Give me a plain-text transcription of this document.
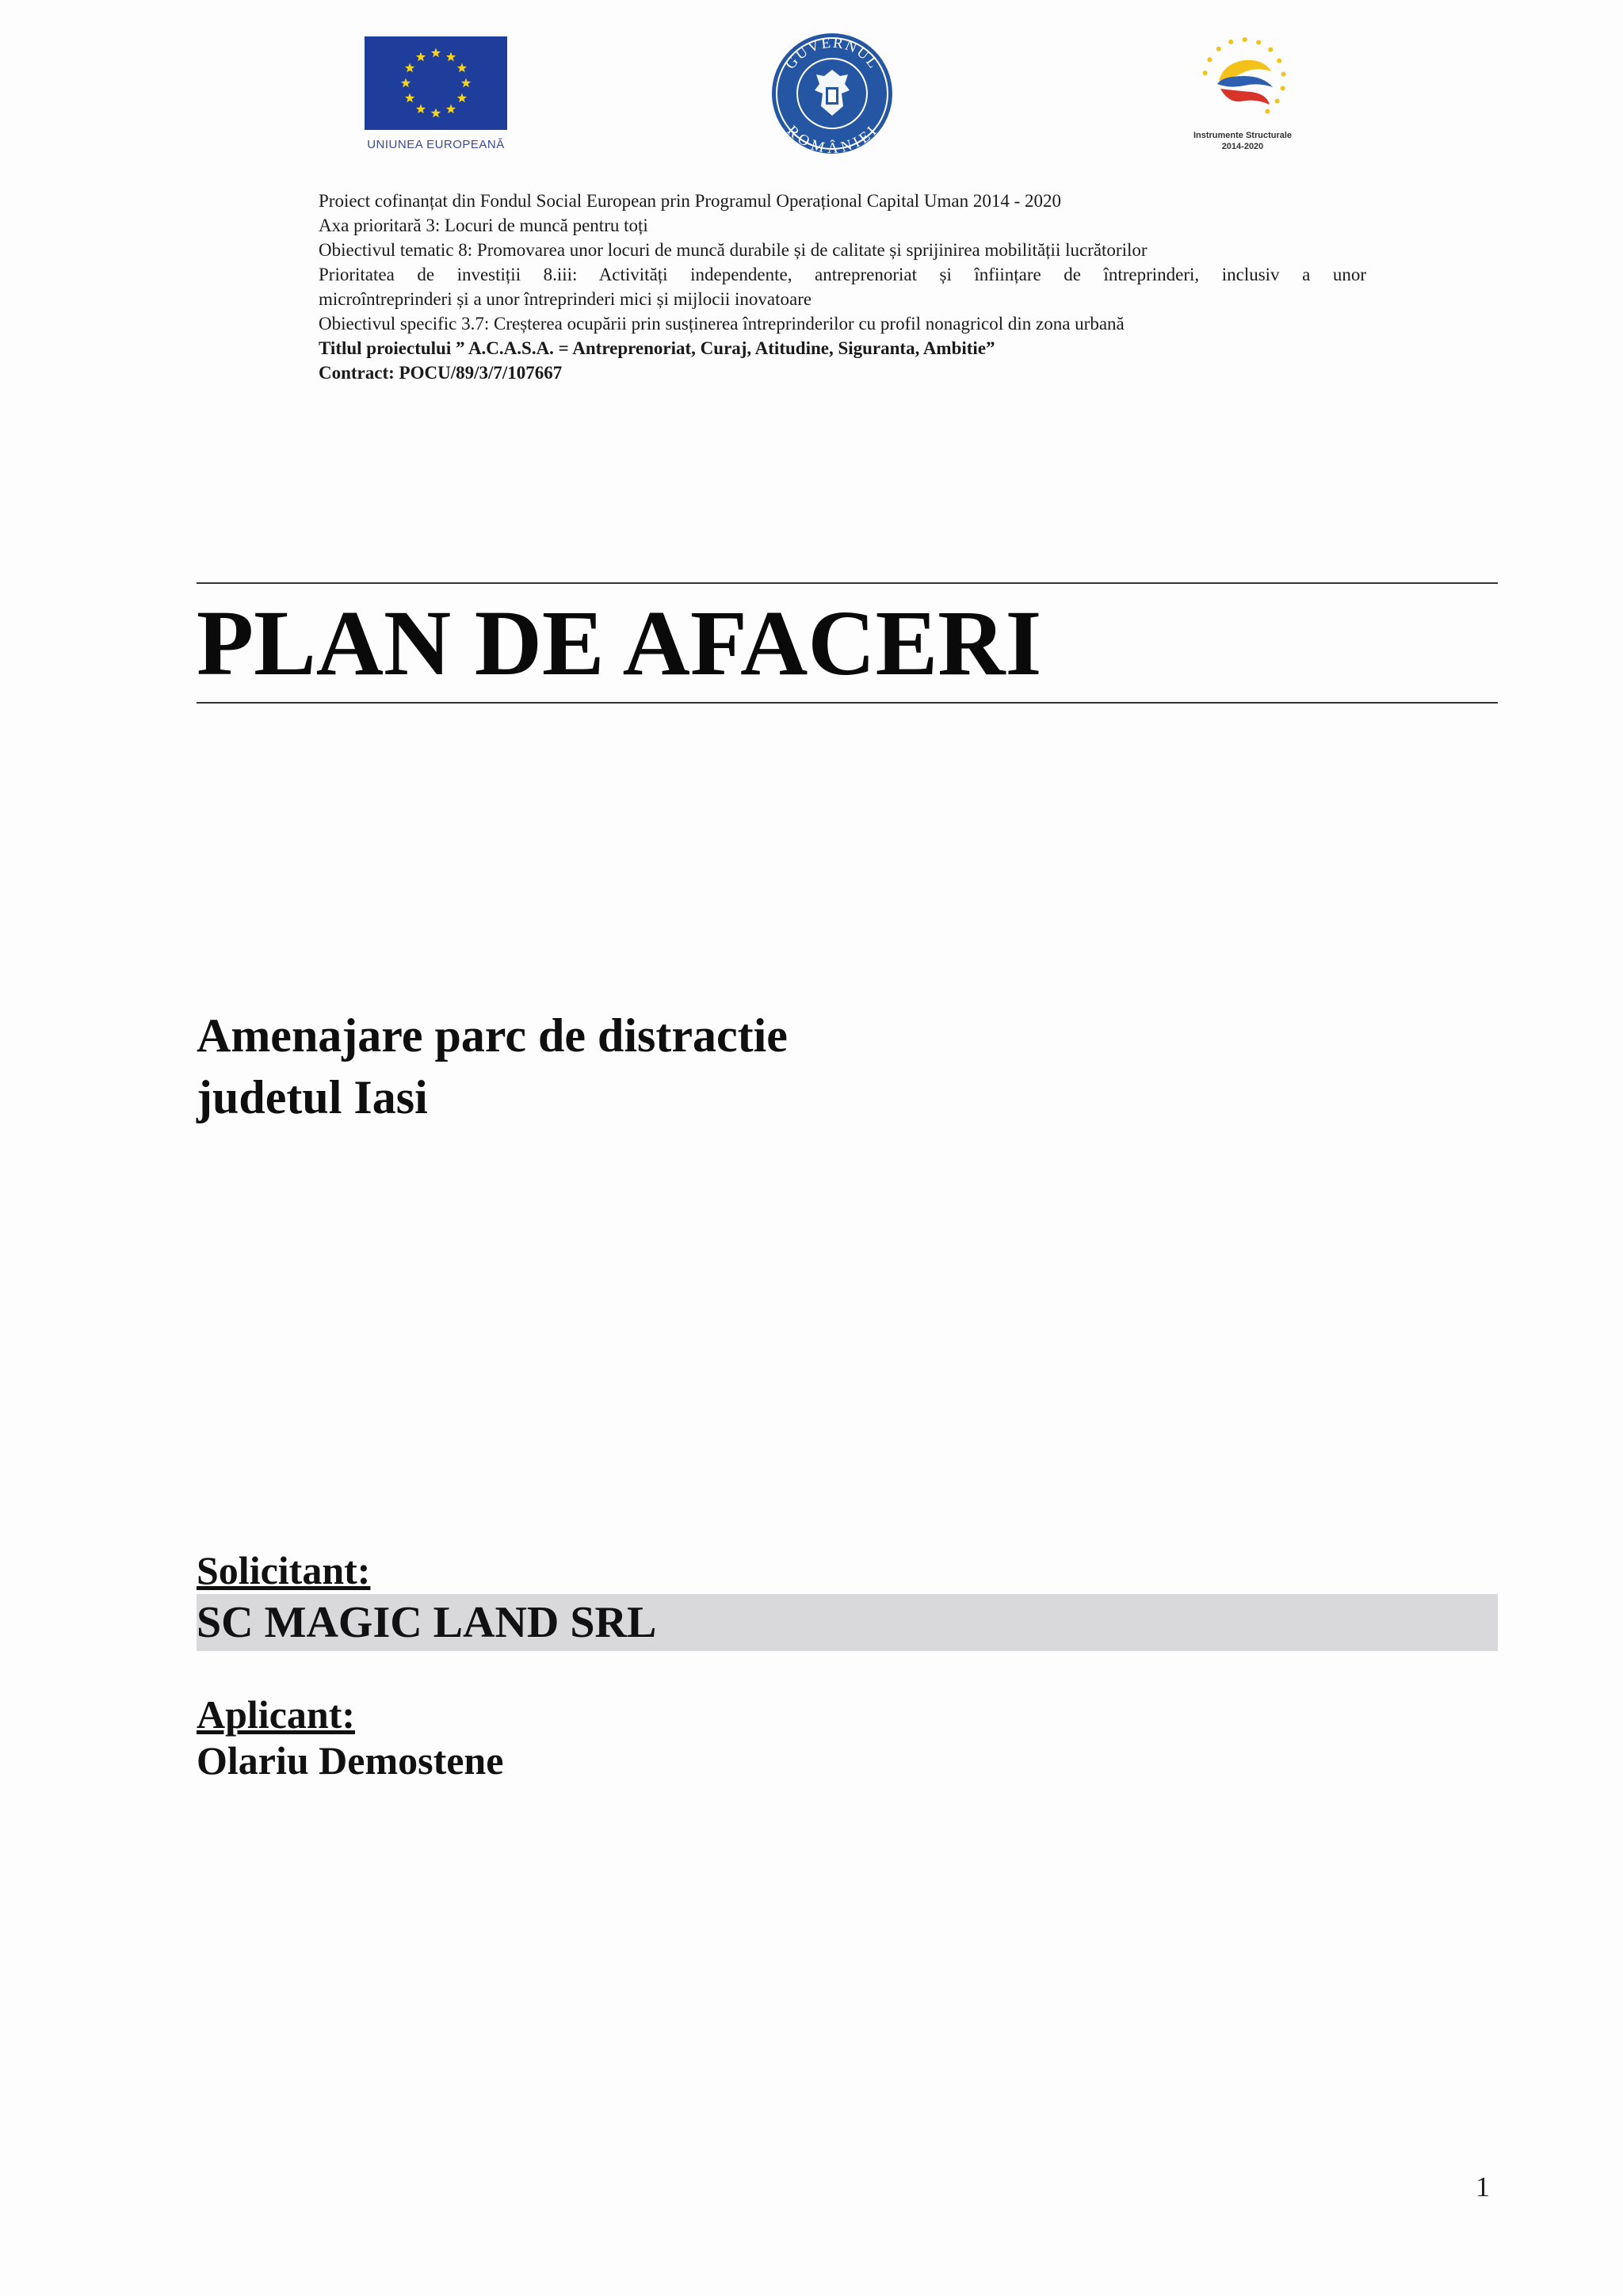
UNIUNEA EUROPEANĂ
GUVERNUL
ROMÂNIEI	Instrumente Structurale
2014-2020
Proiect cofinanțat din Fondul Social European prin Programul Operațional Capital Uman 2014 - 2020
Axa prioritară 3: Locuri de muncă pentru toți
Obiectivul tematic 8: Promovarea unor locuri de muncă durabile și de calitate și sprijinirea mobilității lucrătorilor
Prioritatea de investiții 8.iii: Activități independente, antreprenoriat și înființare de întreprinderi, inclusiv a unor
microîntreprinderi și a unor întreprinderi mici și mijlocii inovatoare
Obiectivul specific 3.7: Creșterea ocupării prin susținerea întreprinderilor cu profil nonagricol din zona urbană
Titlul proiectului ” A.C.A.S.A. = Antreprenoriat, Curaj, Atitudine, Siguranta, Ambitie”
Contract: POCU/89/3/7/107667
PLAN DE AFACERI
Amenajare parc de distractie
judetul Iasi
Solicitant:
SC MAGIC LAND SRL
Aplicant:
Olariu Demostene
1
